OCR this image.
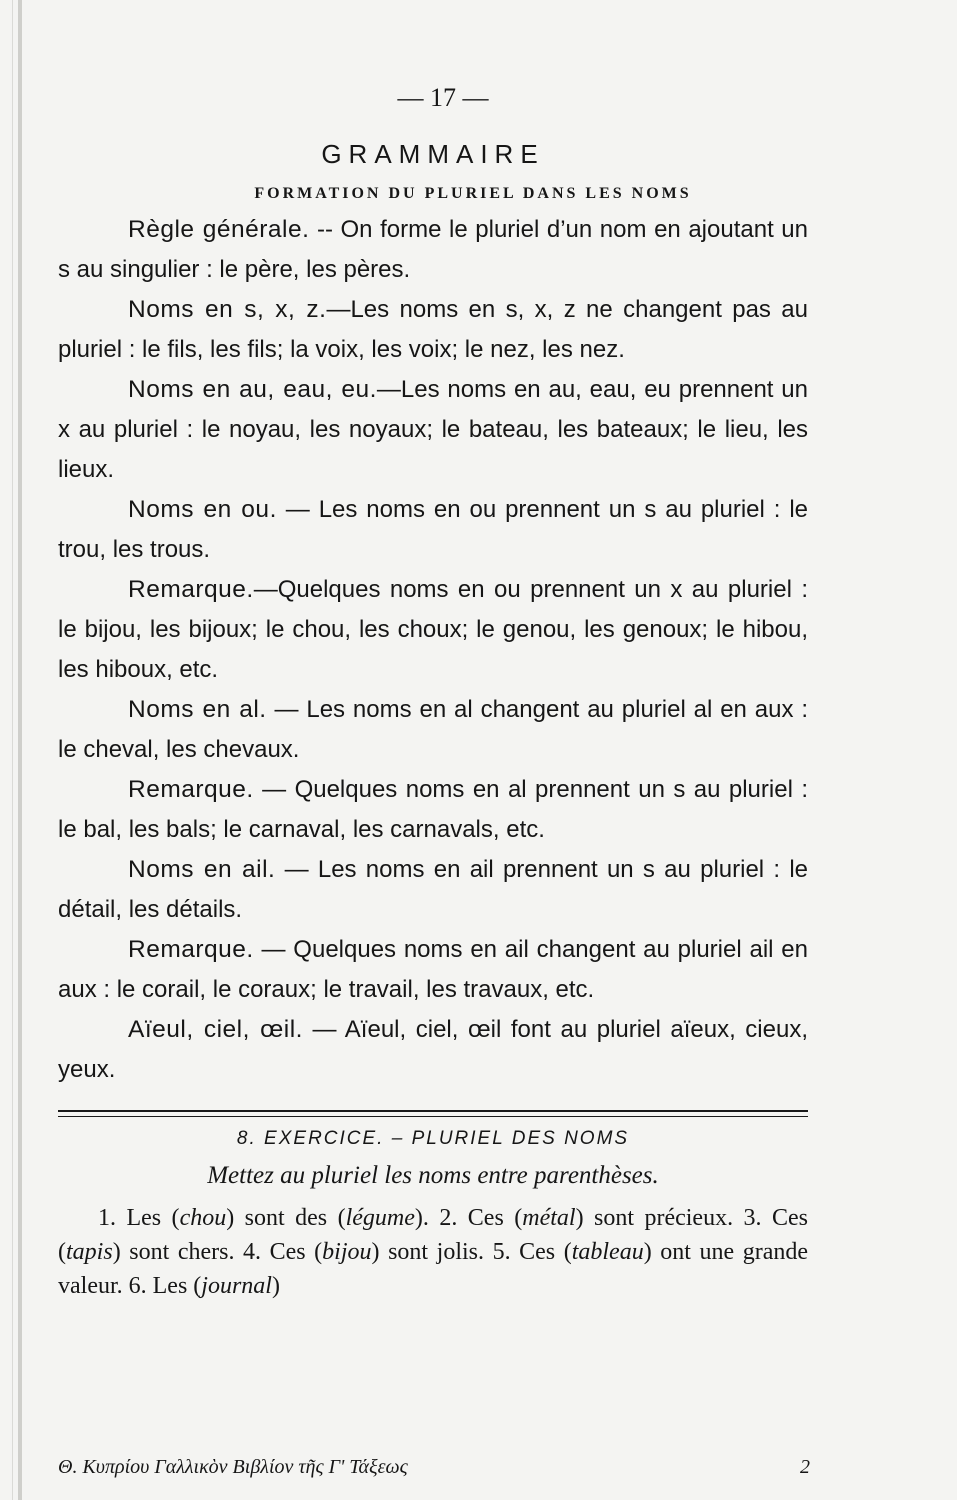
— 17 —
GRAMMAIRE
FORMATION DU PLURIEL DANS LES NOMS

Règle générale. -- On forme le pluriel d’un nom en ajoutant un s au singulier : le père, les pères.

Noms en s, x, z.—Les noms en s, x, z ne changent pas au pluriel : le fils, les fils; la voix, les voix; le nez, les nez.

Noms en au, eau, eu.—Les noms en au, eau, eu prennent un x au pluriel : le noyau, les noyaux; le bateau, les bateaux; le lieu, les lieux.

Noms en ou. — Les noms en ou prennent un s au pluriel : le trou, les trous.

Remarque.—Quelques noms en ou prennent un x au pluriel : le bijou, les bijoux; le chou, les choux; le genou, les genoux; le hibou, les hiboux, etc.

Noms en al. — Les noms en al changent au pluriel al en aux : le cheval, les chevaux.

Remarque. — Quelques noms en al prennent un s au pluriel : le bal, les bals; le carnaval, les carnavals, etc.

Noms en ail. — Les noms en ail prennent un s au pluriel : le détail, les détails.

Remarque. — Quelques noms en ail changent au pluriel ail en aux : le corail, le coraux; le travail, les travaux, etc.

Aïeul, ciel, œil. — Aïeul, ciel, œil font au pluriel aïeux, cieux, yeux.

8. EXERCICE. – PLURIEL DES NOMS
Mettez au pluriel les noms entre parenthèses.

1. Les (chou) sont des (légume). 2. Ces (métal) sont précieux. 3. Ces (tapis) sont chers. 4. Ces (bijou) sont jolis. 5. Ces (tableau) ont une grande valeur. 6. Les (journal)

Θ. Κυπρίου Γαλλικὸν Βιβλίον τῆς Γ' Τάξεως	2
